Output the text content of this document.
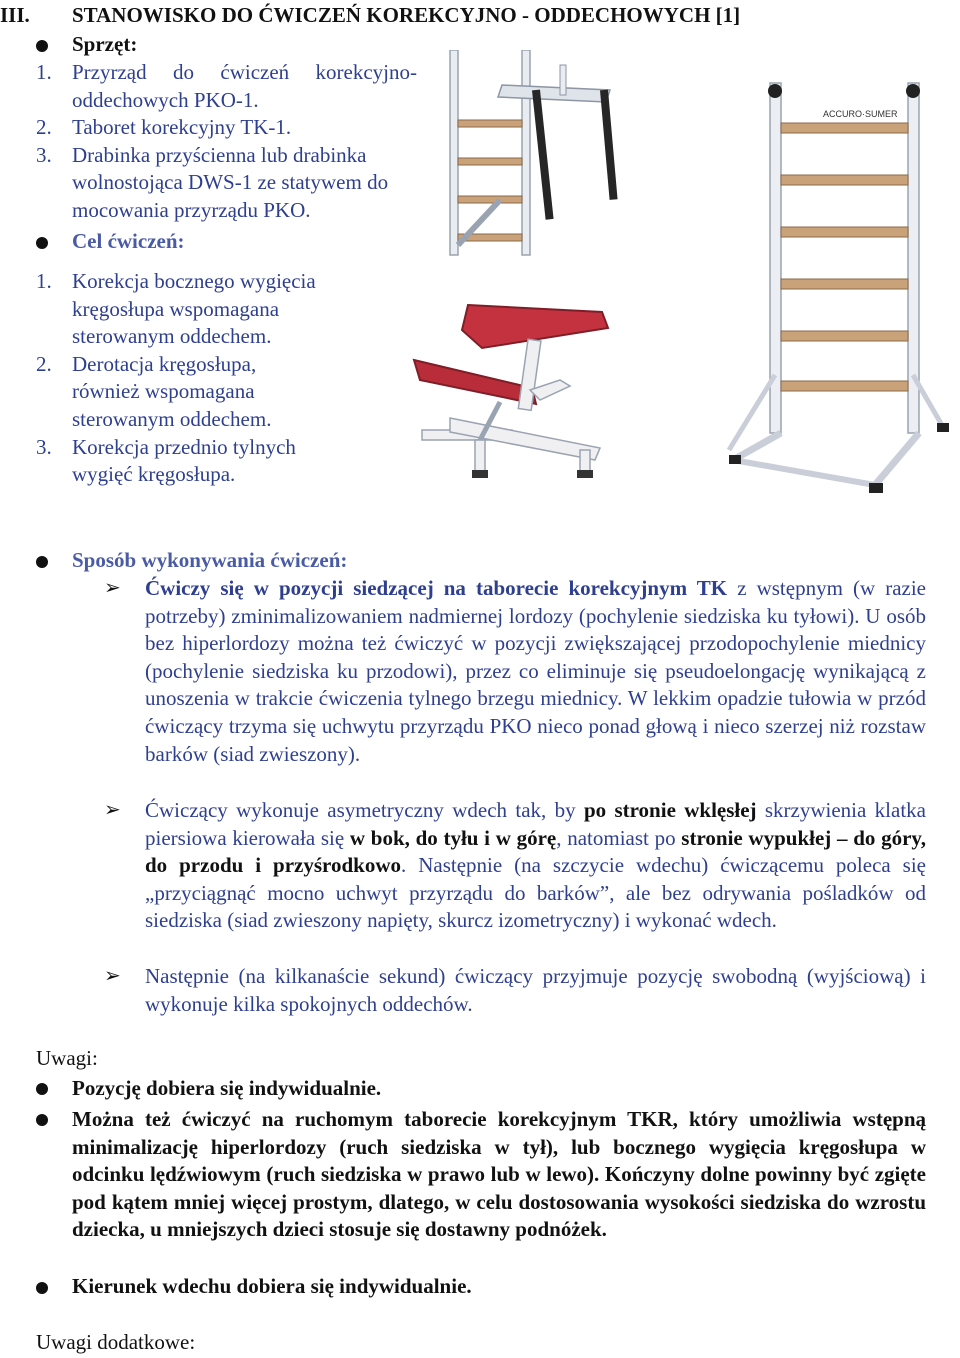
III. STANOWISKO DO ĆWICZEŃ KOREKCYJNO - ODDECHOWYCH [1]
Sprzęt:
1. Przyrząd do ćwiczeń korekcyjno-oddechowych PKO-1.
2. Taboret korekcyjny TK-1.
3. Drabinka przyścienna lub drabinka wolnostojąca DWS-1 ze statywem do mocowania przyrządu PKO.
Cel ćwiczeń:
1. Korekcja bocznego wygięcia kręgosłupa wspomagana sterowanym oddechem.
2. Derotacja kręgosłupa, również wspomagana sterowanym oddechem.
3. Korekcja przednio tylnych wygięć kręgosłupa.
ACCURO·SUMER
Sposób wykonywania ćwiczeń:
➢ Ćwiczy się w pozycji siedzącej na taborecie korekcyjnym TK z wstępnym (w razie potrzeby) zminimalizowaniem nadmiernej lordozy (pochylenie siedziska ku tyłowi). U osób bez hiperlordozy można też ćwiczyć w pozycji zwiększającej przodopochylenie miednicy (pochylenie siedziska ku przodowi), przez co eliminuje się pseudoelongację wynikającą z unoszenia w trakcie ćwiczenia tylnego brzegu miednicy. W lekkim opadzie tułowia w przód ćwiczący trzyma się uchwytu przyrządu PKO nieco ponad głową i nieco szerzej niż rozstaw barków (siad zwieszony).
➢ Ćwiczący wykonuje asymetryczny wdech tak, by po stronie wklęsłej skrzywienia klatka piersiowa kierowała się w bok, do tyłu i w górę, natomiast po stronie wypukłej – do góry, do przodu i przyśrodkowo. Następnie (na szczycie wdechu) ćwiczącemu poleca się „przyciągnąć mocno uchwyt przyrządu do barków”, ale bez odrywania pośladków od siedziska (siad zwieszony napięty, skurcz izometryczny) i wykonać wdech.
➢ Następnie (na kilkanaście sekund) ćwiczący przyjmuje pozycję swobodną (wyjściową) i wykonuje kilka spokojnych oddechów.
Uwagi:
Pozycję dobiera się indywidualnie.
Można też ćwiczyć na ruchomym taborecie korekcyjnym TKR, który umożliwia wstępną minimalizację hiperlordozy (ruch siedziska w tył), lub bocznego wygięcia kręgosłupa w odcinku lędźwiowym (ruch siedziska w prawo lub w lewo). Kończyny dolne powinny być zgięte pod kątem mniej więcej prostym, dlatego, w celu dostosowania wysokości siedziska do wzrostu dziecka, u mniejszych dzieci stosuje się dostawny podnóżek.
Kierunek wdechu dobiera się indywidualnie.
Uwagi dodatkowe:
